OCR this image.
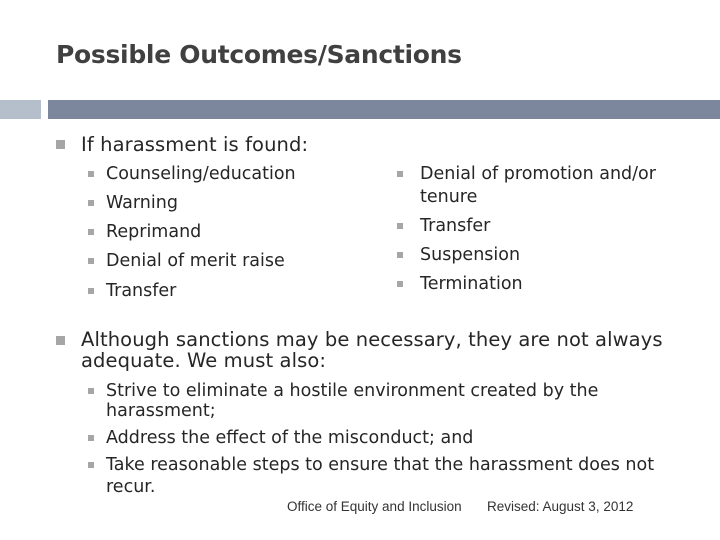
Possible Outcomes/Sanctions
If harassment is found:
Counseling/education
Warning
Reprimand
Denial of merit raise
Transfer
Denial of promotion and/or
tenure
Transfer
Suspension
Termination
Although sanctions may be necessary, they are not always
adequate. We must also:
Strive to eliminate a hostile environment created by the
harassment;
Address the effect of the misconduct; and
Take reasonable steps to ensure that the harassment does not
recur.
Office of Equity and Inclusion Revised: August 3, 2012
